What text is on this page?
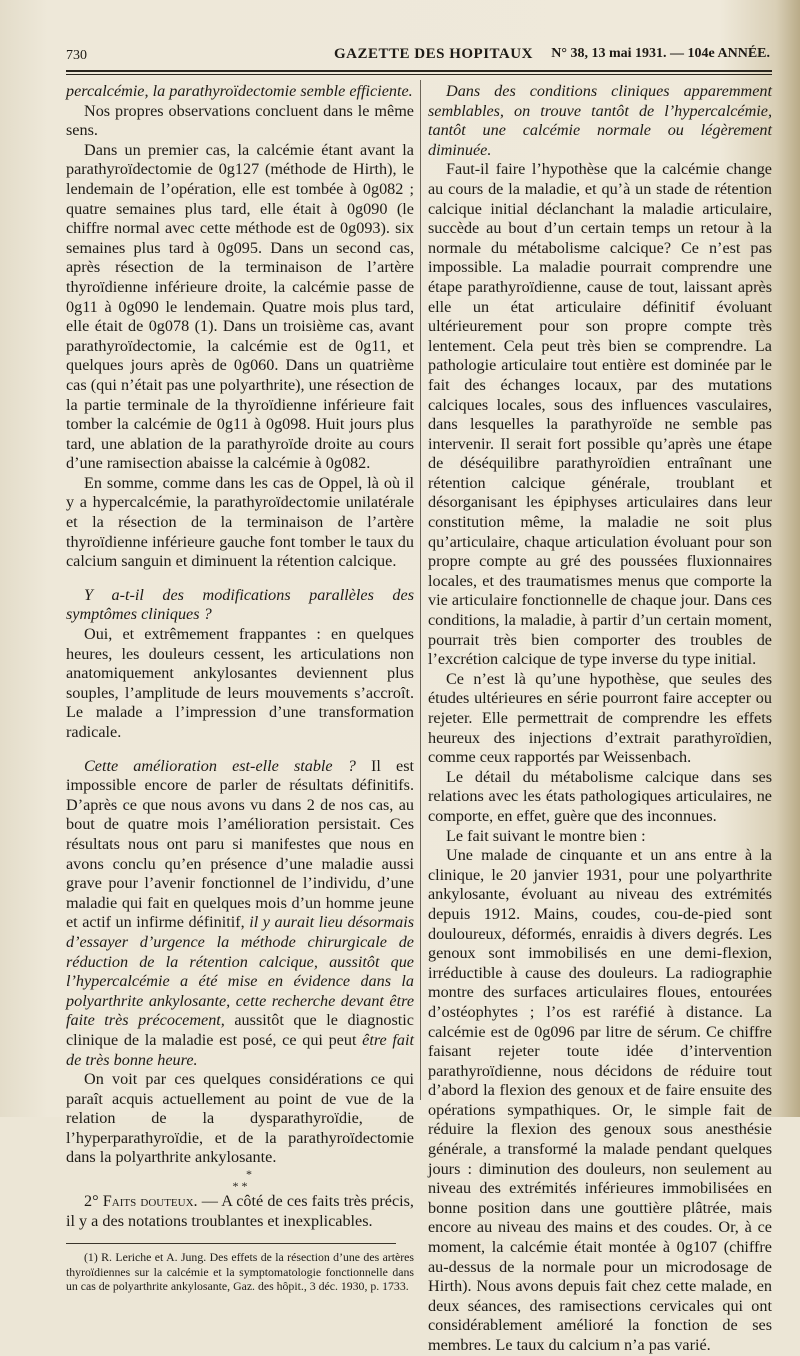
730	GAZETTE DES HOPITAUX N° 38, 13 mai 1931. — 104e ANNÉE.

percalcémie, la parathyroïdectomie semble efficiente.

Nos propres observations concluent dans le même sens.

Dans un premier cas, la calcémie étant avant la parathyroïdectomie de 0g127 (méthode de Hirth), le lendemain de l’opération, elle est tombée à 0g082 ; quatre semaines plus tard, elle était à 0g090 (le chiffre normal avec cette méthode est de 0g093). six semaines plus tard à 0g095. Dans un second cas, après résection de la terminaison de l’artère thyroïdienne inférieure droite, la calcémie passe de 0g11 à 0g090 le lendemain. Quatre mois plus tard, elle était de 0g078 (1). Dans un troisième cas, avant parathyroïdectomie, la calcémie est de 0g11, et quelques jours après de 0g060. Dans un quatrième cas (qui n’était pas une polyarthrite), une résection de la partie terminale de la thyroïdienne inférieure fait tomber la calcémie de 0g11 à 0g098. Huit jours plus tard, une ablation de la parathyroïde droite au cours d’une ramisection abaisse la calcémie à 0g082.

En somme, comme dans les cas de Oppel, là où il y a hypercalcémie, la parathyroïdectomie unilatérale et la résection de la terminaison de l’artère thyroïdienne inférieure gauche font tomber le taux du calcium sanguin et diminuent la rétention calcique.

Y a-t-il des modifications parallèles des symptômes cliniques ?

Oui, et extrêmement frappantes : en quelques heures, les douleurs cessent, les articulations non anatomiquement ankylosantes deviennent plus souples, l’amplitude de leurs mouvements s’accroît. Le malade a l’impression d’une transformation radicale.

Cette amélioration est-elle stable ? Il est impossible encore de parler de résultats définitifs. D’après ce que nous avons vu dans 2 de nos cas, au bout de quatre mois l’amélioration persistait. Ces résultats nous ont paru si manifestes que nous en avons conclu qu’en présence d’une maladie aussi grave pour l’avenir fonctionnel de l’individu, d’une maladie qui fait en quelques mois d’un homme jeune et actif un infirme définitif, il y aurait lieu désormais d’essayer d’urgence la méthode chirurgicale de réduction de la rétention calcique, aussitôt que l’hypercalcémie a été mise en évidence dans la polyarthrite ankylosante, cette recherche devant être faite très précocement, aussitôt que le diagnostic clinique de la maladie est posé, ce qui peut être fait de très bonne heure.

On voit par ces quelques considérations ce qui paraît acquis actuellement au point de vue de la relation de la dysparathyroïdie, de l’hyperparathyroïdie, et de la parathyroïdectomie dans la polyarthrite ankylosante.

*
* *

2° Faits douteux. — A côté de ces faits très précis, il y a des notations troublantes et inexplicables.

(1) R. Leriche et A. Jung. Des effets de la résection d’une des artères thyroïdiennes sur la calcémie et la symptomatologie fonctionnelle dans un cas de polyarthrite ankylosante, Gaz. des hôpit., 3 déc. 1930, p. 1733.

Dans des conditions cliniques apparemment semblables, on trouve tantôt de l’hypercalcémie, tantôt une calcémie normale ou légèrement diminuée.

Faut-il faire l’hypothèse que la calcémie change au cours de la maladie, et qu’à un stade de rétention calcique initial déclanchant la maladie articulaire, succède au bout d’un certain temps un retour à la normale du métabolisme calcique? Ce n’est pas impossible. La maladie pourrait comprendre une étape parathyroïdienne, cause de tout, laissant après elle un état articulaire définitif évoluant ultérieurement pour son propre compte très lentement. Cela peut très bien se comprendre. La pathologie articulaire tout entière est dominée par le fait des échanges locaux, par des mutations calciques locales, sous des influences vasculaires, dans lesquelles la parathyroïde ne semble pas intervenir. Il serait fort possible qu’après une étape de déséquilibre parathyroïdien entraînant une rétention calcique générale, troublant et désorganisant les épiphyses articulaires dans leur constitution même, la maladie ne soit plus qu’articulaire, chaque articulation évoluant pour son propre compte au gré des poussées fluxionnaires locales, et des traumatismes menus que comporte la vie articulaire fonctionnelle de chaque jour. Dans ces conditions, la maladie, à partir d’un certain moment, pourrait très bien comporter des troubles de l’excrétion calcique de type inverse du type initial.

Ce n’est là qu’une hypothèse, que seules des études ultérieures en série pourront faire accepter ou rejeter. Elle permettrait de comprendre les effets heureux des injections d’extrait parathyroïdien, comme ceux rapportés par Weissenbach.

Le détail du métabolisme calcique dans ses relations avec les états pathologiques articulaires, ne comporte, en effet, guère que des inconnues.

Le fait suivant le montre bien :

Une malade de cinquante et un ans entre à la clinique, le 20 janvier 1931, pour une polyarthrite ankylosante, évoluant au niveau des extrémités depuis 1912. Mains, coudes, cou-de-pied sont douloureux, déformés, enraidis à divers degrés. Les genoux sont immobilisés en une demi-flexion, irréductible à cause des douleurs. La radiographie montre des surfaces articulaires floues, entourées d’ostéophytes ; l’os est raréfié à distance. La calcémie est de 0g096 par litre de sérum. Ce chiffre faisant rejeter toute idée d’intervention parathyroïdienne, nous décidons de réduire tout d’abord la flexion des genoux et de faire ensuite des opérations sympathiques. Or, le simple fait de réduire la flexion des genoux sous anesthésie générale, a transformé la malade pendant quelques jours : diminution des douleurs, non seulement au niveau des extrémités inférieures immobilisées en bonne position dans une gouttière plâtrée, mais encore au niveau des mains et des coudes. Or, à ce moment, la calcémie était montée à 0g107 (chiffre au-dessus de la normale pour un microdosage de Hirth). Nous avons depuis fait chez cette malade, en deux séances, des ramisections cervicales qui ont considérablement amélioré la fonction de ses membres. Le taux du calcium n’a pas varié.
